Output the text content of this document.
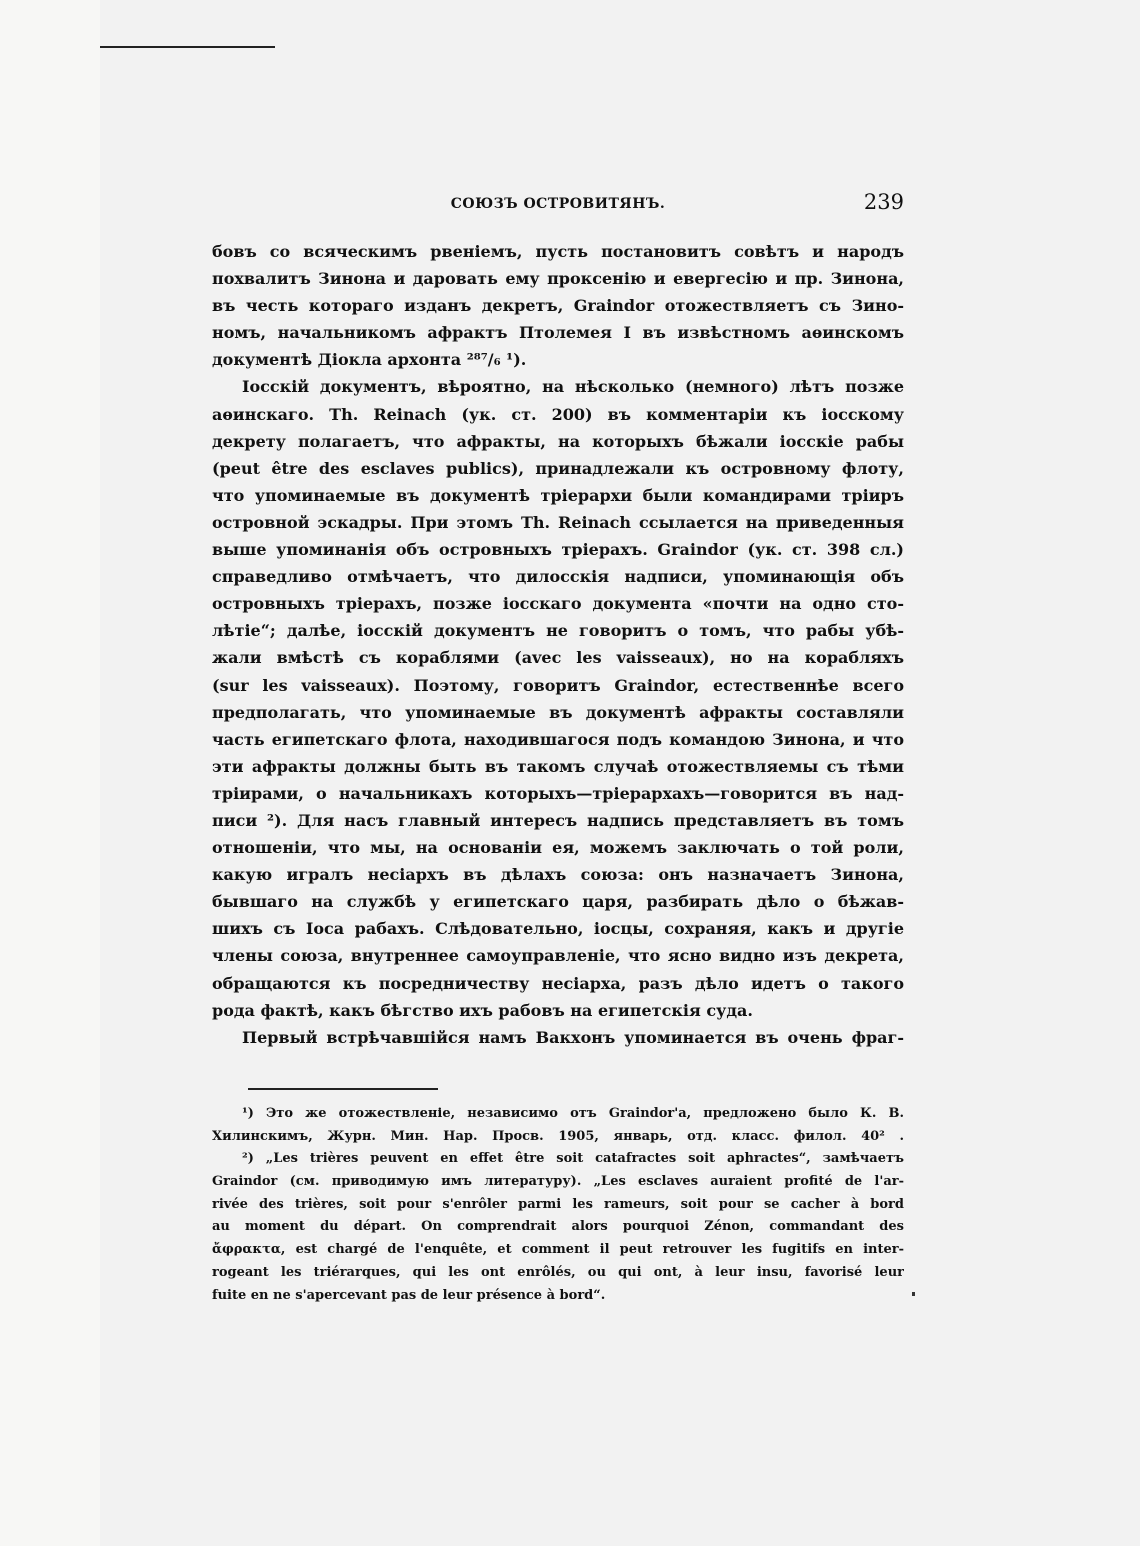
СОЮЗЪ ОСТРОВИТЯНЪ.	239
бовъ со всяческимъ рвеніемъ, пусть постановитъ совѣтъ и народъ
похвалитъ Зинона и даровать ему проксенію и евергесію и пр. Зинона,
въ честь котораго изданъ декретъ, Graindor отожествляетъ съ Зино-
номъ, начальникомъ афрактъ Птолемея I въ извѣстномъ аѳинскомъ
документѣ Діокла архонта ²⁸⁷/₆ ¹).
Іосскій документъ, вѣроятно, на нѣсколько (немного) лѣтъ позже
аѳинскаго. Th. Reinach (ук. ст. 200) въ комментаріи къ іосскому
декрету полагаетъ, что афракты, на которыхъ бѣжали іосскіе рабы
(peut être des esclaves publics), принадлежали къ островному флоту,
что упоминаемые въ документѣ тріерархи были командирами тріиръ
островной эскадры. При этомъ Th. Reinach ссылается на приведенныя
выше упоминанія объ островныхъ тріерахъ. Graindor (ук. ст. 398 сл.)
справедливо отмѣчаетъ, что дилосскія надписи, упоминающія объ
островныхъ тріерахъ, позже іосскаго документа «почти на одно сто-
лѣтіе“; далѣе, іосскій документъ не говоритъ о томъ, что рабы убѣ-
жали вмѣстѣ съ кораблями (avec les vaisseaux), но на корабляхъ
(sur les vaisseaux). Поэтому, говоритъ Graindor, естественнѣе всего
предполагать, что упоминаемые въ документѣ афракты составляли
часть египетскаго флота, находившагося подъ командою Зинона, и что
эти афракты должны быть въ такомъ случаѣ отожествляемы съ тѣми
тріирами, о начальникахъ которыхъ—тріерархахъ—говорится въ над-
писи ²). Для насъ главный интересъ надпись представляетъ въ томъ
отношеніи, что мы, на основаніи ея, можемъ заключать о той роли,
какую игралъ несіархъ въ дѣлахъ союза: онъ назначаетъ Зинона,
бывшаго на службѣ у египетскаго царя, разбирать дѣло о бѣжав-
шихъ съ Іоса рабахъ. Слѣдовательно, іосцы, сохраняя, какъ и другіе
члены союза, внутреннее самоуправленіе, что ясно видно изъ декрета,
обращаются къ посредничеству несіарха, разъ дѣло идетъ о такого
рода фактѣ, какъ бѣгство ихъ рабовъ на египетскія суда.
Первый встрѣчавшійся намъ Вакхонъ упоминается въ очень фраг-
¹) Это же отожествленіе, независимо отъ Graindor'а, предложено было К. В.
Хилинскимъ, Журн. Мин. Нар. Просв. 1905, январь, отд. класс. филол. 40² .
²) „Les trières peuvent en effet être soit catafractes soit aphractes“, замѣчаетъ
Graindor (см. приводимую имъ литературу). „Les esclaves auraient profité de l'ar-
rivée des trières, soit pour s'enrôler parmi les rameurs, soit pour se cacher à bord
au moment du départ. On comprendrait alors pourquoi Zénon, commandant des
ἄφρακτα, est chargé de l'enquête, et comment il peut retrouver les fugitifs en inter-
rogeant les triérarques, qui les ont enrôlés, ou qui ont, à leur insu, favorisé leur
fuite en ne s'apercevant pas de leur présence à bord“.
